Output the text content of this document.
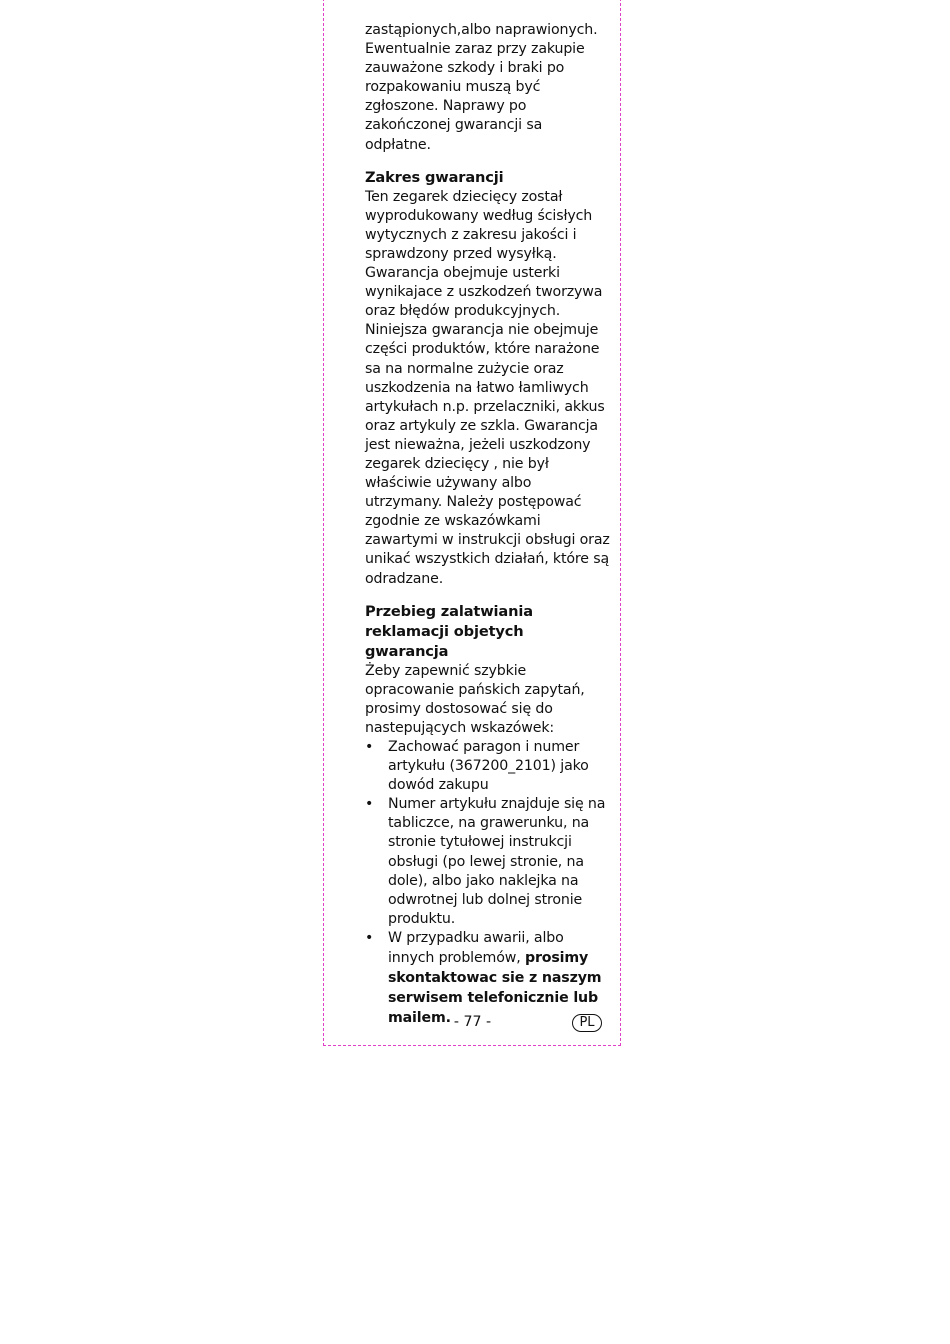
zastąpionych,albo naprawionych. Ewentualnie zaraz przy zakupie zauważone szkody i braki po rozpakowaniu muszą być zgłoszone. Naprawy po zakończonej gwarancji sa odpłatne.

Zakres gwarancji

Ten zegarek dziecięcy został wyprodukowany według ścisłych wytycznych z zakresu jakości i sprawdzony przed wysyłką. Gwarancja obejmuje usterki wynikajace z uszkodzeń tworzywa oraz błędów produkcyjnych. Niniejsza gwarancja nie obejmuje części produktów, które narażone sa na normalne zużycie oraz uszkodzenia na łatwo łamliwych artykułach n.p. przelaczniki, akkus oraz artykuly ze szkla. Gwarancja jest nieważna, jeżeli uszkodzony zegarek dziecięcy , nie był właściwie używany albo utrzymany. Należy postępować zgodnie ze wskazówkami zawartymi w instrukcji obsługi oraz unikać wszystkich działań, które są odradzane.

Przebieg zalatwiania reklamacji objetych gwarancja

Żeby zapewnić szybkie opracowanie pańskich zapytań, prosimy dostosować się do nastepujących wskazówek:

• Zachować paragon i numer artykułu (367200_2101) jako dowód zakupu
• Numer artykułu znajduje się na tabliczce, na grawerunku, na stronie tytułowej instrukcji obsługi (po lewej stronie, na dole), albo jako naklejka na odwrotnej lub dolnej stronie produktu.
• W przypadku awarii, albo innych problemów, prosimy skontaktowac sie z naszym serwisem telefonicznie lub mailem. - 77 -	PL
